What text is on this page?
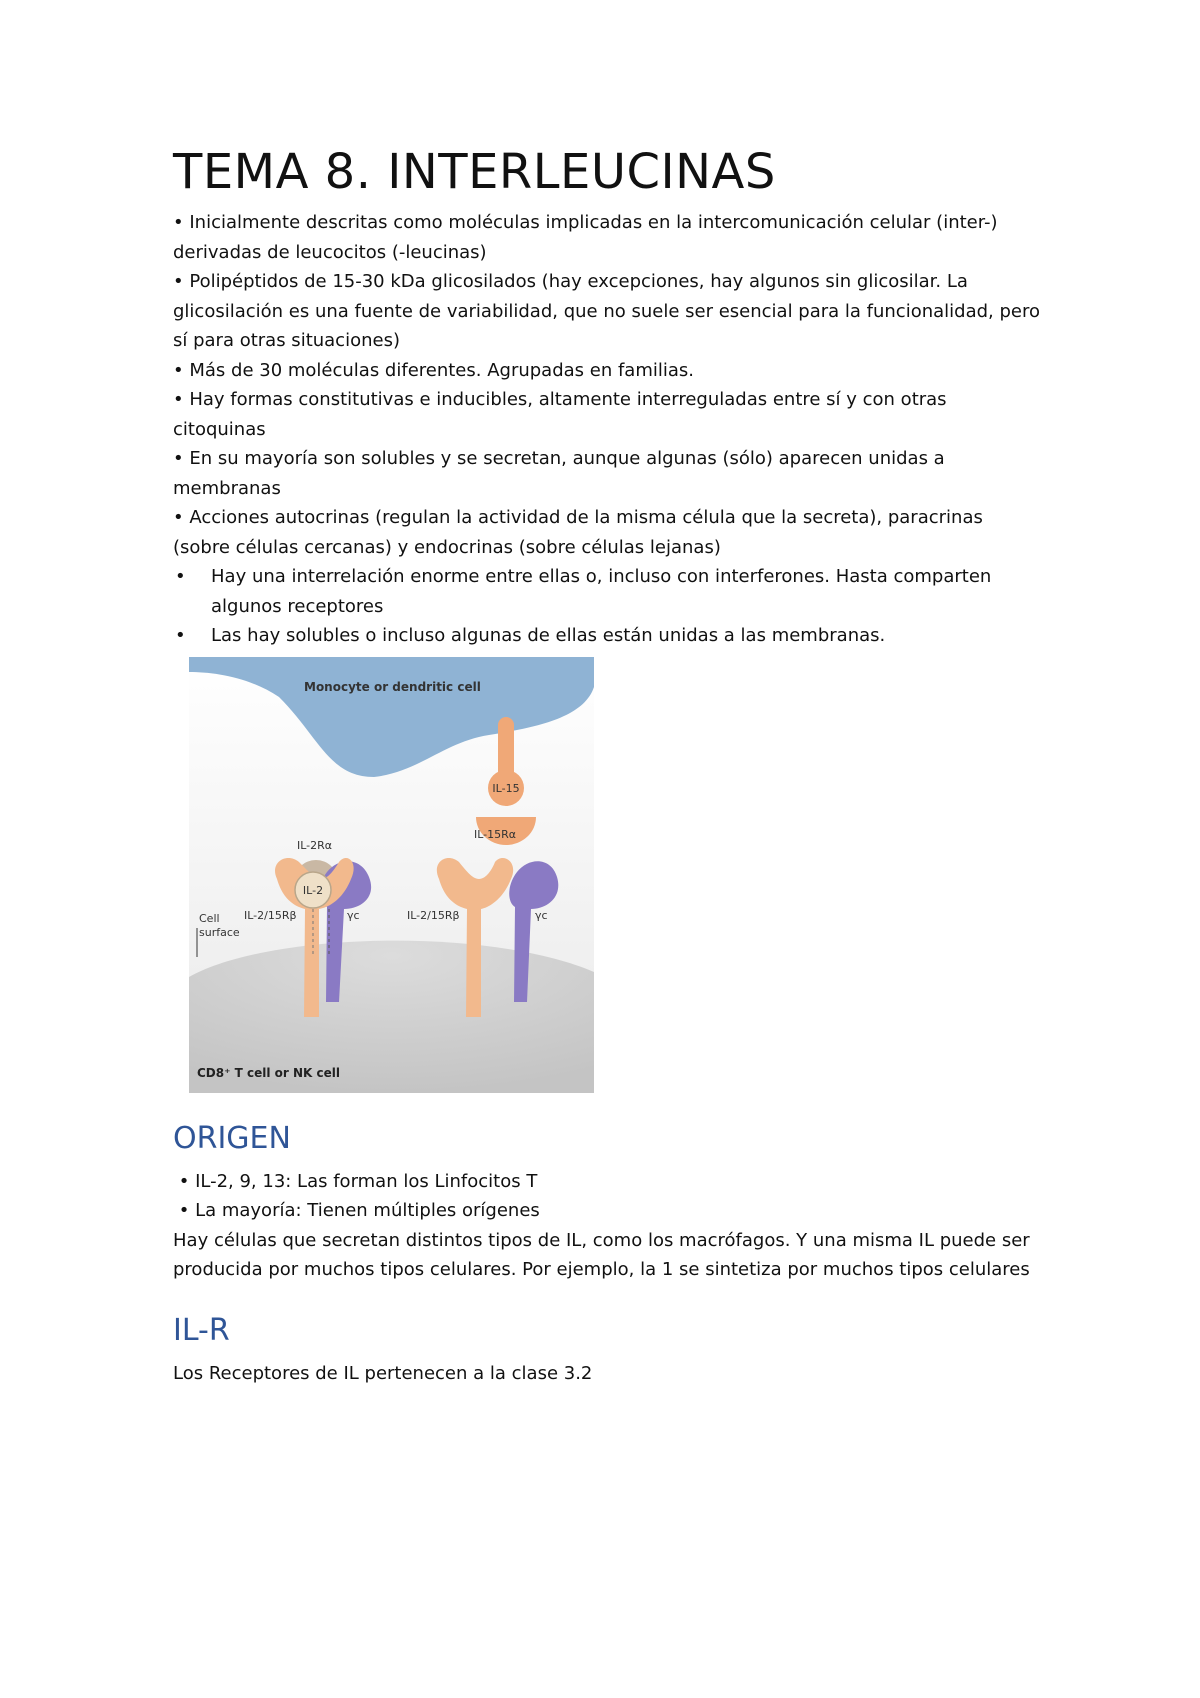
TEMA 8. INTERLEUCINAS

• Inicialmente descritas como moléculas implicadas en la intercomunicación celular (inter-) derivadas de leucocitos (-leucinas)

• Polipéptidos de 15-30 kDa glicosilados (hay excepciones, hay algunos sin glicosilar. La glicosilación es una fuente de variabilidad, que no suele ser esencial para la funcionalidad, pero sí para otras situaciones)

• Más de 30 moléculas diferentes. Agrupadas en familias.

• Hay formas constitutivas e inducibles, altamente interreguladas entre sí y con otras citoquinas

• En su mayoría son solubles y se secretan, aunque algunas (sólo) aparecen unidas a membranas

• Acciones autocrinas (regulan la actividad de la misma célula que la secreta), paracrinas (sobre células cercanas) y endocrinas (sobre células lejanas)

•	Hay una interrelación enorme entre ellas o, incluso con interferones. Hasta comparten algunos receptores
•	Las hay solubles o incluso algunas de ellas están unidas a las membranas.
Monocyte or dendritic cell
IL-15
IL-15Rα
Cell
surface
CD8⁺ T cell or NK cell
IL-2Rα
IL-2
IL-2/15Rβ	γc	IL-2/15Rβ	γc
ORIGEN

• IL-2, 9, 13: Las forman los Linfocitos T

• La mayoría: Tienen múltiples orígenes

Hay células que secretan distintos tipos de IL, como los macrófagos. Y una misma IL puede ser producida por muchos tipos celulares. Por ejemplo, la 1 se sintetiza por muchos tipos celulares

IL-R

Los Receptores de IL pertenecen a la clase 3.2
